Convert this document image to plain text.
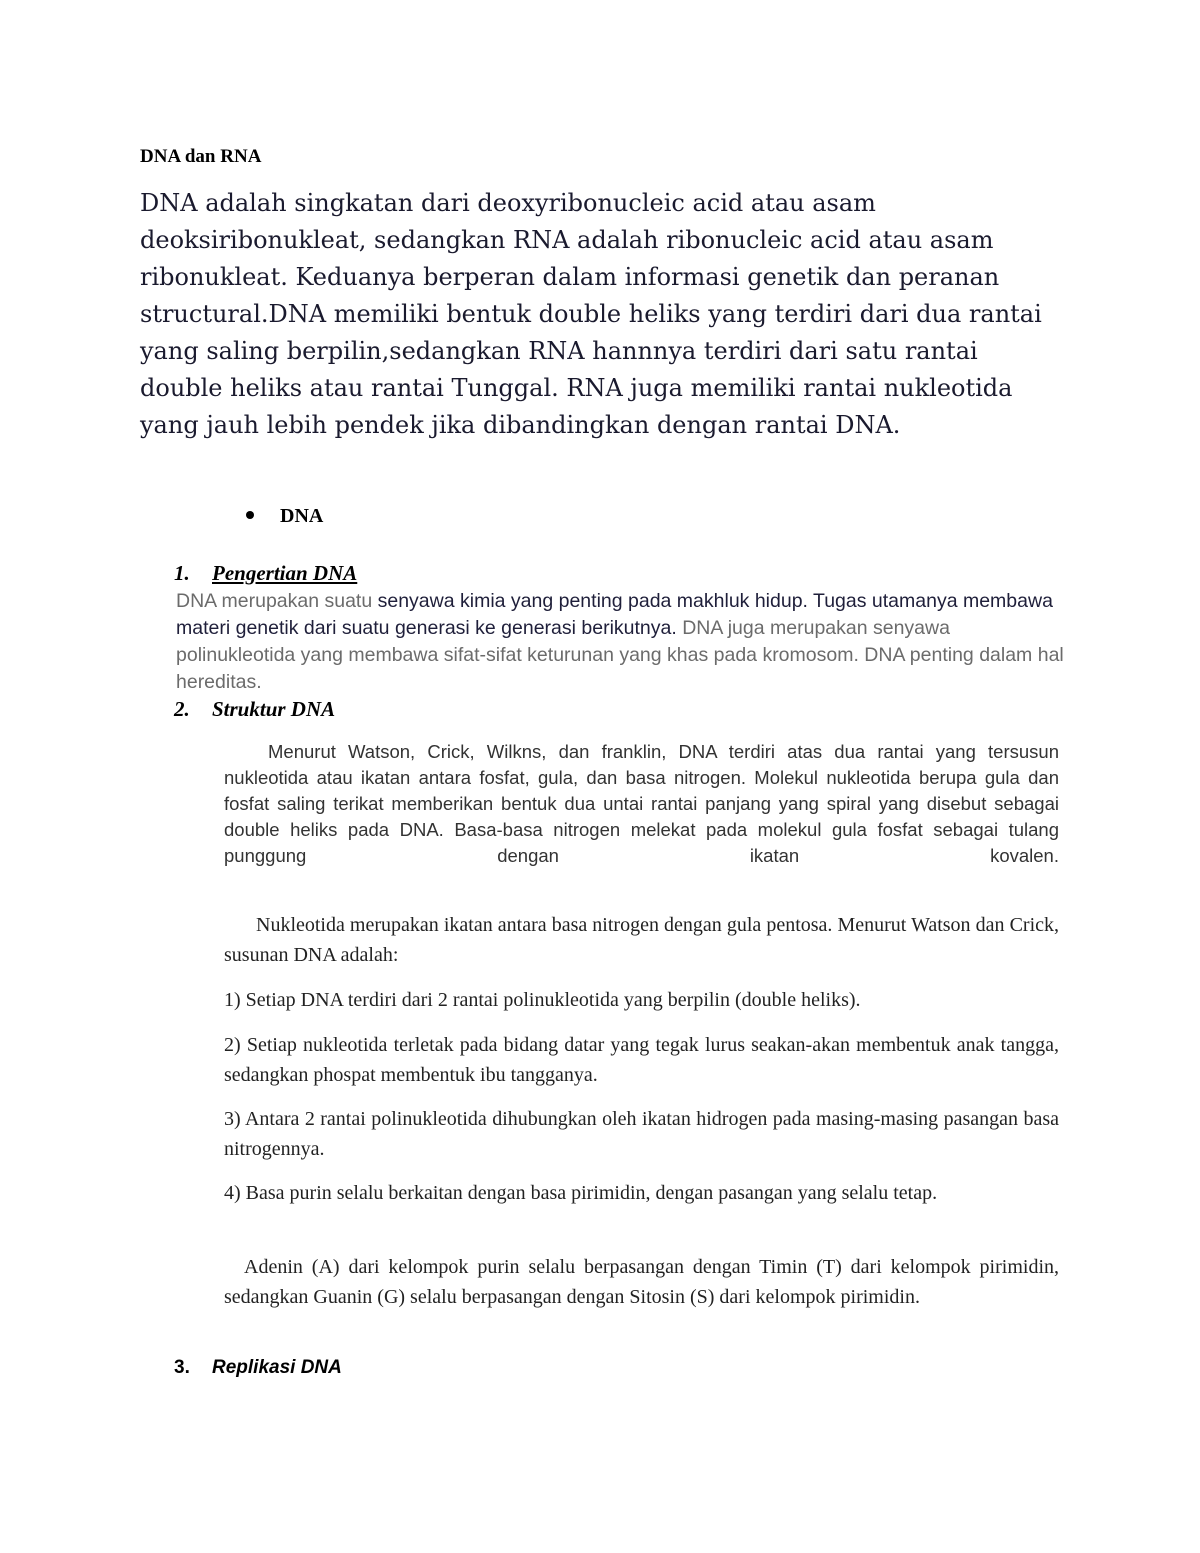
DNA dan RNA
DNA adalah singkatan dari deoxyribonucleic acid atau asam deoksiribonukleat, sedangkan RNA adalah ribonucleic acid atau asam ribonukleat. Keduanya berperan dalam informasi genetik dan peranan structural.DNA memiliki bentuk double heliks yang terdiri dari dua rantai yang saling berpilin,sedangkan RNA hannnya terdiri dari satu rantai double heliks atau rantai Tunggal. RNA juga memiliki rantai nukleotida yang jauh lebih pendek jika dibandingkan dengan rantai DNA.
DNA
1. Pengertian DNA
DNA merupakan suatu senyawa kimia yang penting pada makhluk hidup. Tugas utamanya membawa materi genetik dari suatu generasi ke generasi berikutnya. DNA juga merupakan senyawa polinukleotida yang membawa sifat-sifat keturunan yang khas pada kromosom. DNA penting dalam hal hereditas.
2. Struktur DNA
Menurut Watson, Crick, Wilkns, dan franklin, DNA terdiri atas dua rantai yang tersusun nukleotida atau ikatan antara fosfat, gula, dan basa nitrogen. Molekul nukleotida berupa gula dan fosfat saling terikat memberikan bentuk dua untai rantai panjang yang spiral yang disebut sebagai double heliks pada DNA. Basa-basa nitrogen melekat pada molekul gula fosfat sebagai tulang punggung dengan ikatan kovalen.
Nukleotida merupakan ikatan antara basa nitrogen dengan gula pentosa. Menurut Watson dan Crick, susunan DNA adalah:
1) Setiap DNA terdiri dari 2 rantai polinukleotida yang berpilin (double heliks).
2) Setiap nukleotida terletak pada bidang datar yang tegak lurus seakan-akan membentuk anak tangga, sedangkan phospat membentuk ibu tangganya.
3) Antara 2 rantai polinukleotida dihubungkan oleh ikatan hidrogen pada masing-masing pasangan basa nitrogennya.
4) Basa purin selalu berkaitan dengan basa pirimidin, dengan pasangan yang selalu tetap.
Adenin (A) dari kelompok purin selalu berpasangan dengan Timin (T) dari kelompok pirimidin, sedangkan Guanin (G) selalu berpasangan dengan Sitosin (S) dari kelompok pirimidin.
3. Replikasi DNA
